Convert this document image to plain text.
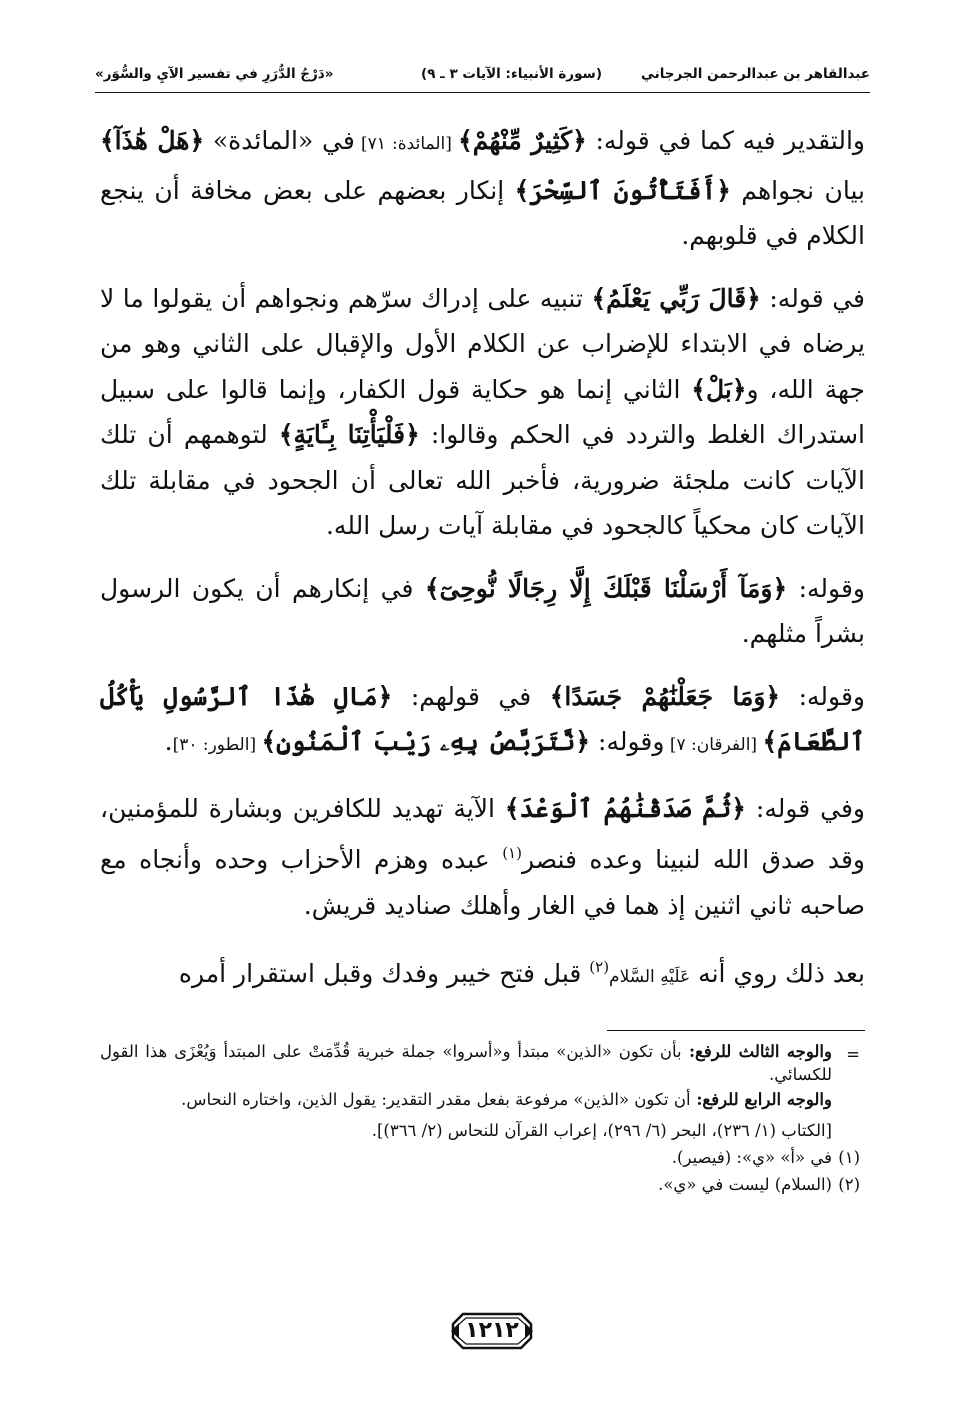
عبدالقاهر بن عبدالرحمن الجرجاني
(سورة الأنبياء: الآيات ٣ ـ ٩)
«دَرْجُ الدُّرَرِ في تفسير الآيِ والسُّوَر»

والتقدير فيه كما في قوله: ﴿كَثِيرٌ مِّنْهُمْ﴾ [المائدة: ٧١] في «المائدة» ﴿هَلْ هَٰذَآ﴾ بيان نجواهم ﴿أَفَتَأْتُونَ ٱلسِّحْرَ﴾ إنكار بعضهم على بعض مخافة أن ينجع الكلام في قلوبهم.

في قوله: ﴿قَالَ رَبِّي يَعْلَمُ﴾ تنبيه على إدراك سرّهم ونجواهم أن يقولوا ما لا يرضاه في الابتداء للإضراب عن الكلام الأول والإقبال على الثاني وهو من جهة الله، و﴿بَلْ﴾ الثاني إنما هو حكاية قول الكفار، وإنما قالوا على سبيل استدراك الغلط والتردد في الحكم وقالوا: ﴿فَلْيَأْتِنَا بِـَٔايَةٍ﴾ لتوهمهم أن تلك الآيات كانت ملجئة ضرورية، فأخبر الله تعالى أن الجحود في مقابلة تلك الآيات كان محكياً كالجحود في مقابلة آيات رسل الله.

وقوله: ﴿وَمَآ أَرْسَلْنَا قَبْلَكَ إِلَّا رِجَالًا نُّوحِىٓ﴾ في إنكارهم أن يكون الرسول بشراً مثلهم.

وقوله: ﴿وَمَا جَعَلْنَٰهُمْ جَسَدًا﴾ في قولهم: ﴿مَالِ هَٰذَا ٱلرَّسُولِ يَأْكُلُ ٱلطَّعَامَ﴾ [الفرقان: ٧] وقوله: ﴿نَّتَرَبَّصُ بِهِۦ رَيْبَ ٱلْمَنُونِ﴾ [الطور: ٣٠].

وفي قوله: ﴿ثُمَّ صَدَقْنَٰهُمُ ٱلْوَعْدَ﴾ الآية تهديد للكافرين وبشارة للمؤمنين، وقد صدق الله لنبينا وعده فنصر$^{(١)}$ عبده وهزم الأحزاب وحده وأنجاه مع صاحبه ثاني اثنين إذ هما في الغار وأهلك صناديد قريش.

بعد ذلك روي أنه عَلَيْهِ السَّلام$^{(٢)}$ قبل فتح خيبر وفدك وقبل استقرار أمره

=

والوجه الثالث للرفع: بأن تكون «الذين» مبتدأ و«أسروا» جملة خبرية قُدِّمَتْ على المبتدأ وَيُعْزَى هذا القول للكسائي.

والوجه الرابع للرفع: أن تكون «الذين» مرفوعة بفعل مقدر التقدير: يقول الذين، واختاره النحاس.

[الكتاب (١/ ٢٣٦)، البحر (٦/ ٢٩٦)، إعراب القرآن للنحاس (٢/ ٣٦٦)].

(١)في «أ» «ي»: (فيصير).

(٢)(السلام) ليست في «ي».

١٢١٢
